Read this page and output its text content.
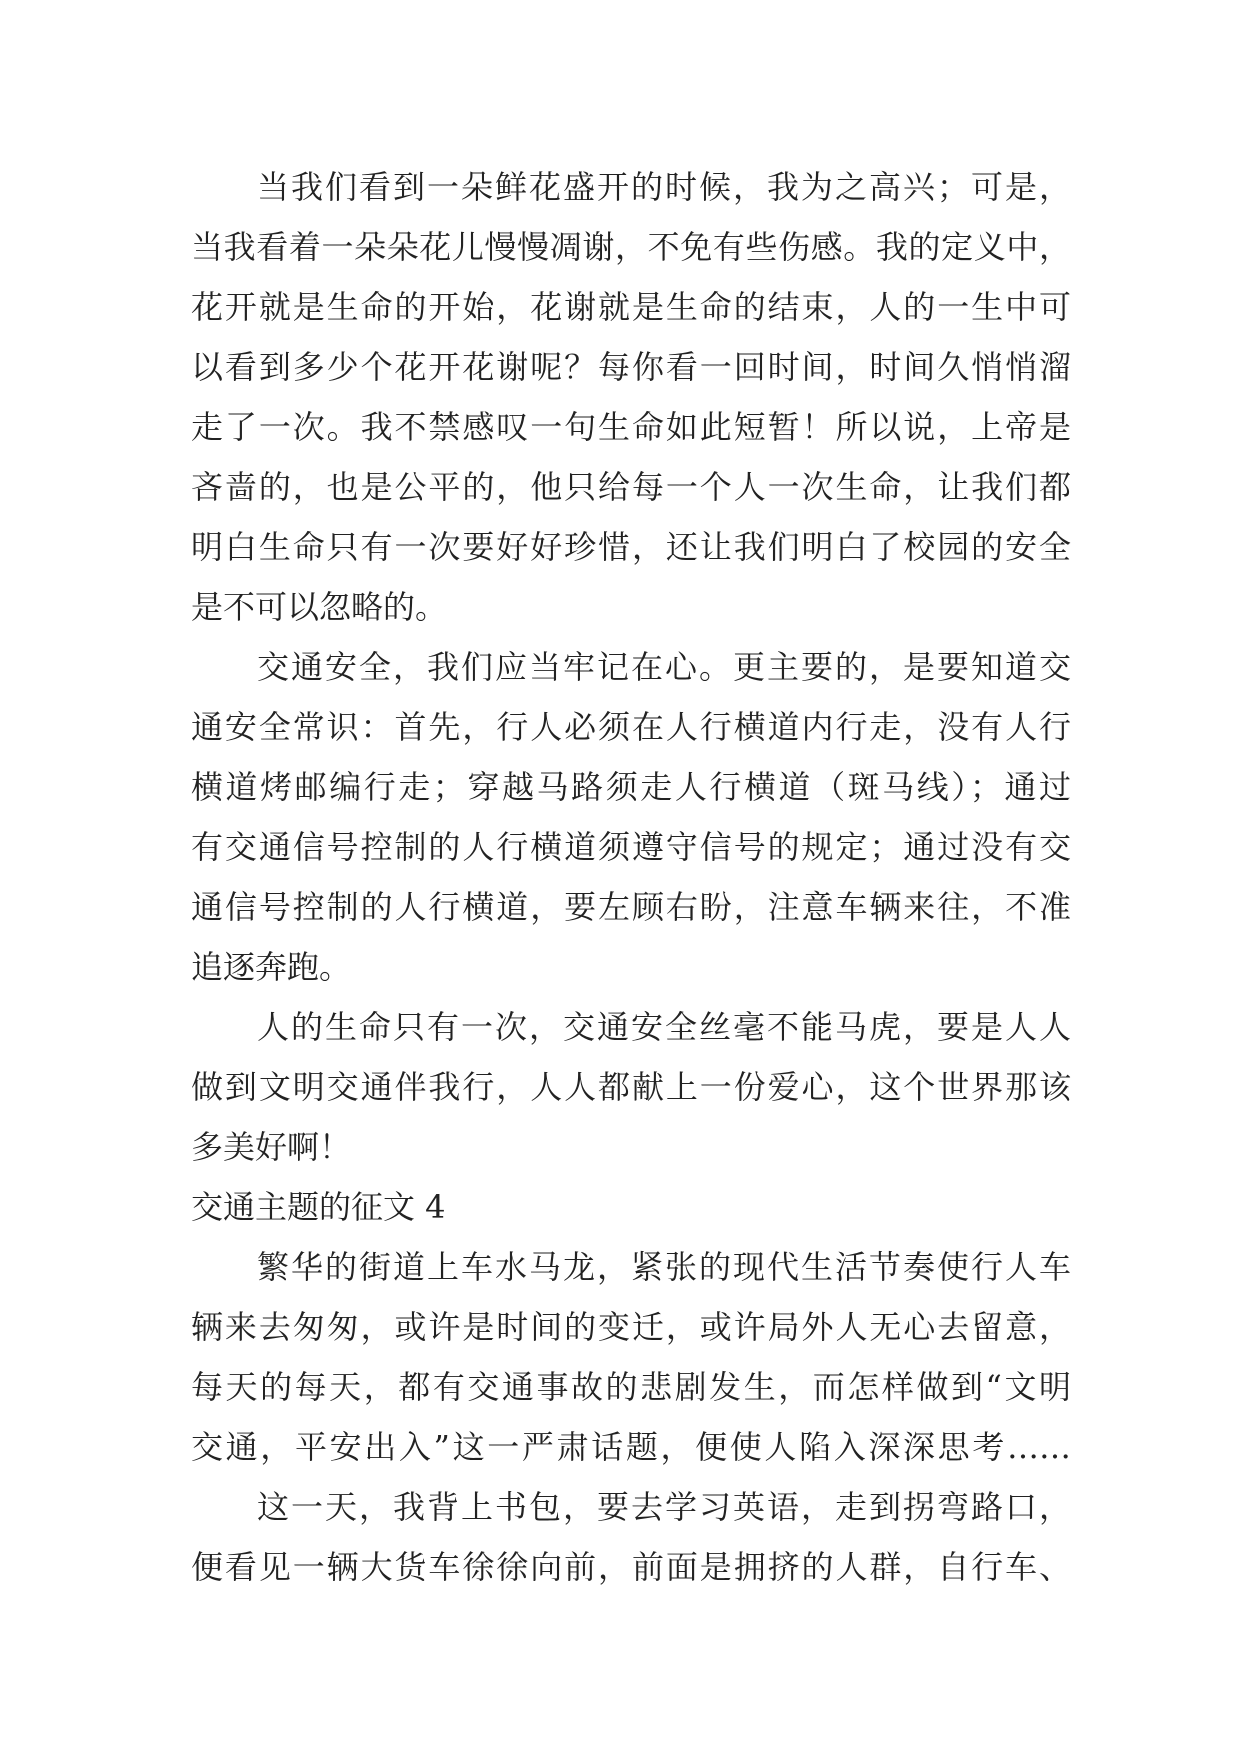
当我们看到一朵鲜花盛开的时候，我为之高兴；可是，

当我看着一朵朵花儿慢慢凋谢，不免有些伤感。我的定义中，

花开就是生命的开始，花谢就是生命的结束，人的一生中可

以看到多少个花开花谢呢？每你看一回时间，时间久悄悄溜

走了一次。我不禁感叹一句生命如此短暂！所以说，上帝是

吝啬的，也是公平的，他只给每一个人一次生命，让我们都

明白生命只有一次要好好珍惜，还让我们明白了校园的安全

是不可以忽略的。

交通安全，我们应当牢记在心。更主要的，是要知道交

通安全常识：首先，行人必须在人行横道内行走，没有人行

横道烤邮编行走；穿越马路须走人行横道（斑马线）；通过

有交通信号控制的人行横道须遵守信号的规定；通过没有交

通信号控制的人行横道，要左顾右盼，注意车辆来往，不准

追逐奔跑。

人的生命只有一次，交通安全丝毫不能马虎，要是人人

做到文明交通伴我行，人人都献上一份爱心，这个世界那该

多美好啊！

交通主题的征文 4

繁华的街道上车水马龙，紧张的现代生活节奏使行人车

辆来去匆匆，或许是时间的变迁，或许局外人无心去留意，

每天的每天，都有交通事故的悲剧发生，而怎样做到“文明

交通，平安出入”这一严肃话题，便使人陷入深深思考……

这一天，我背上书包，要去学习英语，走到拐弯路口，

便看见一辆大货车徐徐向前，前面是拥挤的人群，自行车、
